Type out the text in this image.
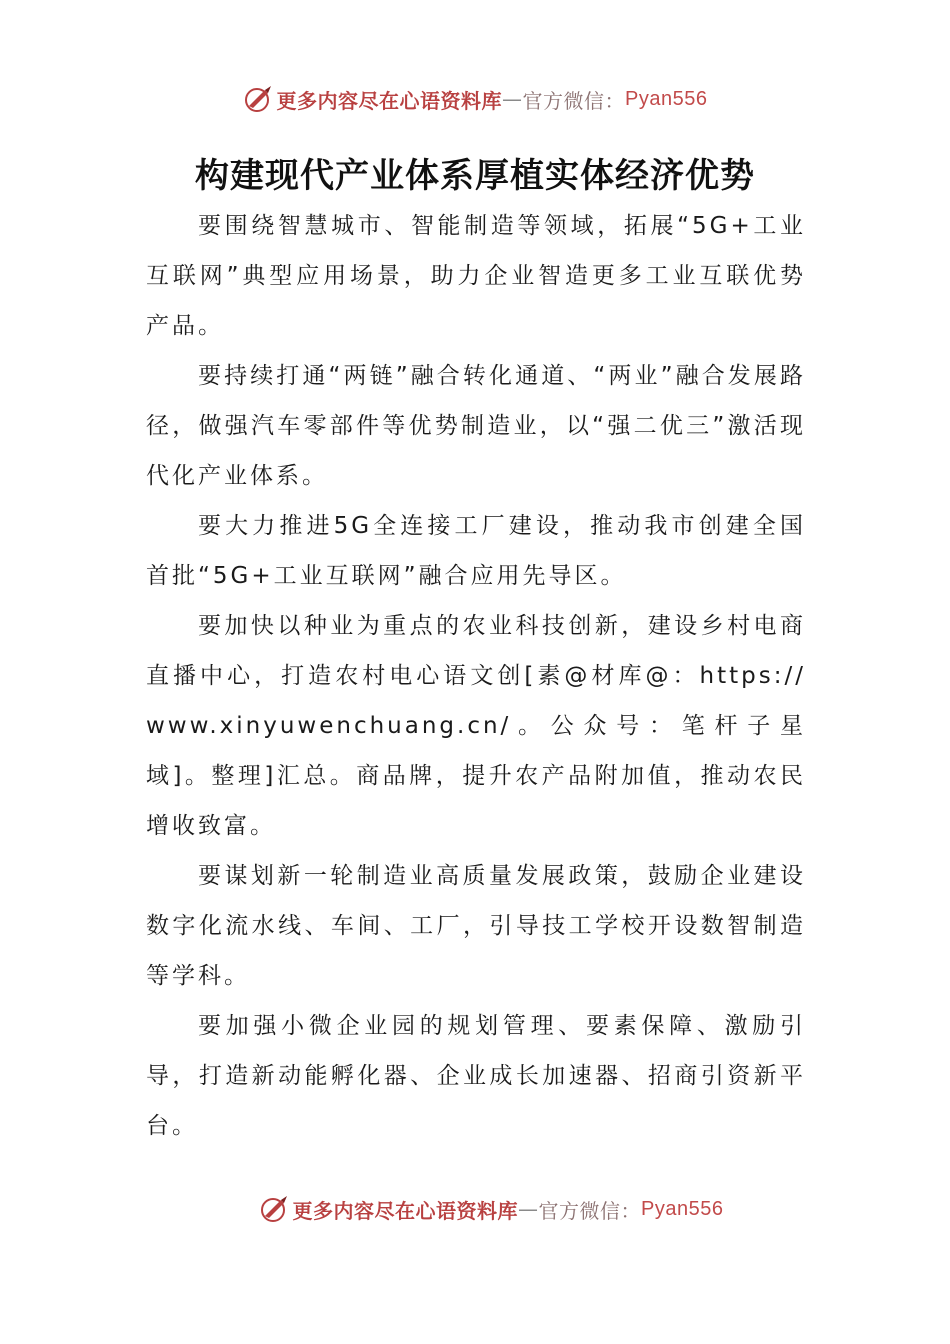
更多内容尽在心语资料库 — 官方微信： Pyan556
构建现代产业体系厚植实体经济优势

要围绕智慧城市、智能制造等领域，拓展“5G+工业互联网”典型应用场景，助力企业智造更多工业互联优势产品。

要持续打通“两链”融合转化通道、“两业”融合发展路径，做强汽车零部件等优势制造业，以“强二优三”激活现代化产业体系。

要大力推进5G全连接工厂建设，推动我市创建全国首批“5G+工业互联网”融合应用先导区。

要加快以种业为重点的农业科技创新，建设乡村电商直播中心，打造农村电心语文创[素@材库@：https://www.xinyuwenchuang.cn/。公众号：笔杆子星域]。整理]汇总。商品牌，提升农产品附加值，推动农民增收致富。

要谋划新一轮制造业高质量发展政策，鼓励企业建设数字化流水线、车间、工厂，引导技工学校开设数智制造等学科。

要加强小微企业园的规划管理、要素保障、激励引导，打造新动能孵化器、企业成长加速器、招商引资新平台。

更多内容尽在心语资料库 — 官方微信： Pyan556
